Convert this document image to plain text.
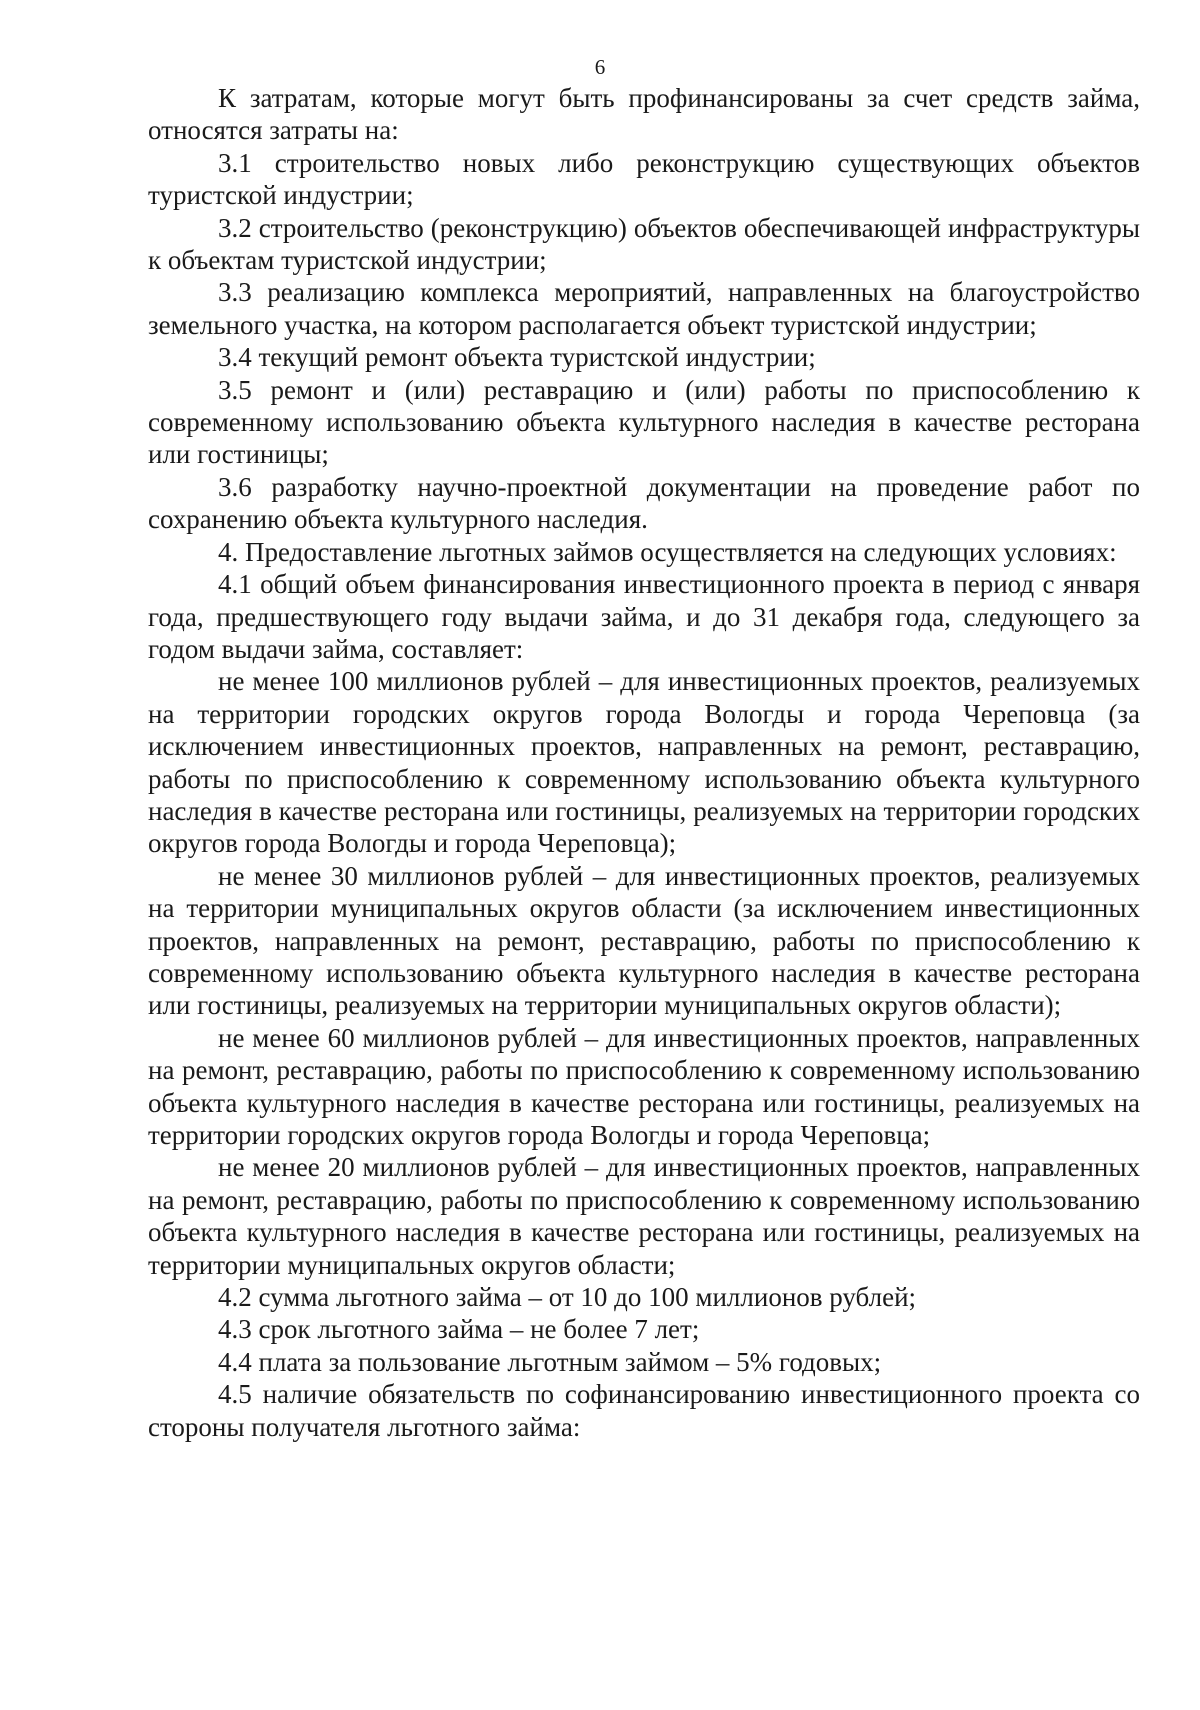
6

К затратам, которые могут быть профинансированы за счет средств займа, относятся затраты на:

3.1 строительство новых либо реконструкцию существующих объектов туристской индустрии;

3.2 строительство (реконструкцию) объектов обеспечивающей инфраструктуры к объектам туристской индустрии;

3.3 реализацию комплекса мероприятий, направленных на благоустройство земельного участка, на котором располагается объект туристской индустрии;

3.4 текущий ремонт объекта туристской индустрии;

3.5 ремонт и (или) реставрацию и (или) работы по приспособлению к современному использованию объекта культурного наследия в качестве ресторана или гостиницы;

3.6 разработку научно-проектной документации на проведение работ по сохранению объекта культурного наследия.

4. Предоставление льготных займов осуществляется на следующих условиях:

4.1 общий объем финансирования инвестиционного проекта в период с января года, предшествующего году выдачи займа, и до 31 декабря года, следующего за годом выдачи займа, составляет:

не менее 100 миллионов рублей – для инвестиционных проектов, реализуемых на территории городских округов города Вологды и города Череповца (за исключением инвестиционных проектов, направленных на ремонт, реставрацию, работы по приспособлению к современному использованию объекта культурного наследия в качестве ресторана или гостиницы, реализуемых на территории городских округов города Вологды и города Череповца);

не менее 30 миллионов рублей – для инвестиционных проектов, реализуемых на территории муниципальных округов области (за исключением инвестиционных проектов, направленных на ремонт, реставрацию, работы по приспособлению к современному использованию объекта культурного наследия в качестве ресторана или гостиницы, реализуемых на территории муниципальных округов области);

не менее 60 миллионов рублей – для инвестиционных проектов, направленных на ремонт, реставрацию, работы по приспособлению к современному использованию объекта культурного наследия в качестве ресторана или гостиницы, реализуемых на территории городских округов города Вологды и города Череповца;

не менее 20 миллионов рублей – для инвестиционных проектов, направленных на ремонт, реставрацию, работы по приспособлению к современному использованию объекта культурного наследия в качестве ресторана или гостиницы, реализуемых на территории муниципальных округов области;

4.2 сумма льготного займа – от 10 до 100 миллионов рублей;

4.3 срок льготного займа – не более 7 лет;

4.4 плата за пользование льготным займом – 5% годовых;

4.5 наличие обязательств по софинансированию инвестиционного проекта со стороны получателя льготного займа:
